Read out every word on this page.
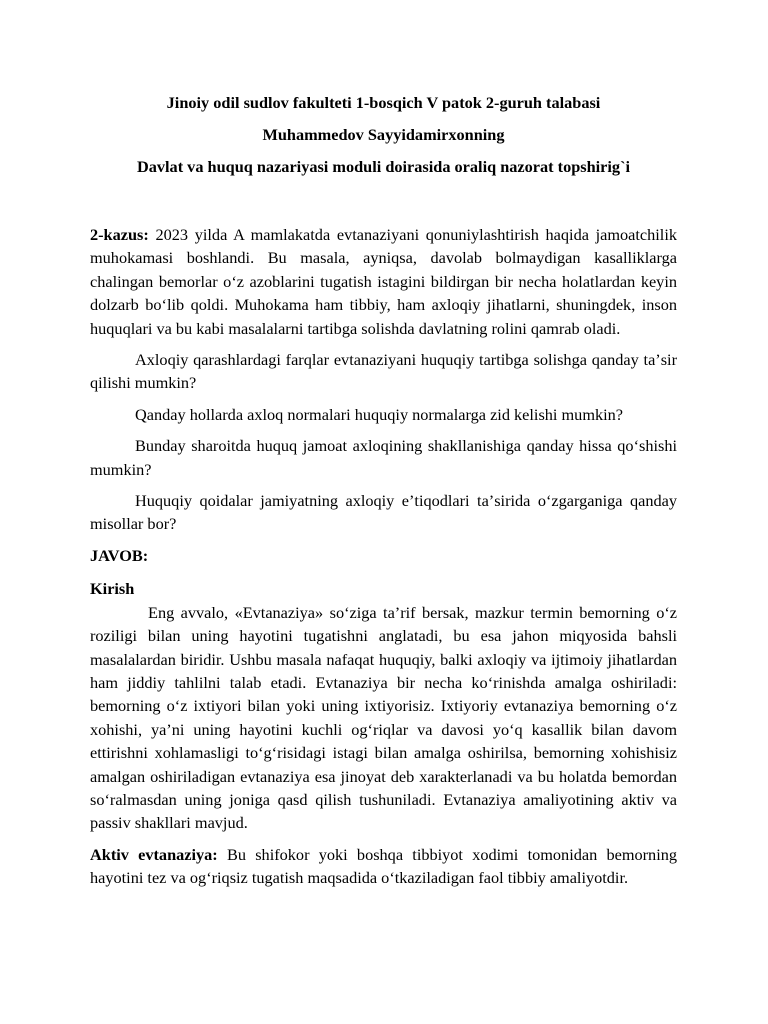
Jinoiy odil sudlov fakulteti 1-bosqich V patok 2-guruh talabasi
Muhammedov Sayyidamirxonning
Davlat va huquq nazariyasi moduli doirasida oraliq nazorat topshirig`i

2-kazus: 2023 yilda A mamlakatda evtanaziyani qonuniylashtirish haqida jamoatchilik muhokamasi boshlandi. Bu masala, ayniqsa, davolab bolmaydigan kasalliklarga chalingan bemorlar oʻz azoblarini tugatish istagini bildirgan bir necha holatlardan keyin dolzarb boʻlib qoldi. Muhokama ham tibbiy, ham axloqiy jihatlarni, shuningdek, inson huquqlari va bu kabi masalalarni tartibga solishda davlatning rolini qamrab oladi.

Axloqiy qarashlardagi farqlar evtanaziyani huquqiy tartibga solishga qanday taʼsir qilishi mumkin?

Qanday hollarda axloq normalari huquqiy normalarga zid kelishi mumkin?

Bunday sharoitda huquq jamoat axloqining shakllanishiga qanday hissa qoʻshishi mumkin?

Huquqiy qoidalar jamiyatning axloqiy eʼtiqodlari taʼsirida oʻzgarganiga qanday misollar bor?

JAVOB:
Kirish

Eng avvalo, «Evtanaziya» soʻziga taʼrif bersak, mazkur termin bemorning oʻz roziligi bilan uning hayotini tugatishni anglatadi, bu esa jahon miqyosida bahsli masalalardan biridir. Ushbu masala nafaqat huquqiy, balki axloqiy va ijtimoiy jihatlardan ham jiddiy tahlilni talab etadi. Evtanaziya bir necha koʻrinishda amalga oshiriladi: bemorning oʻz ixtiyori bilan yoki uning ixtiyorisiz. Ixtiyoriy evtanaziya bemorning oʻz xohishi, yaʼni uning hayotini kuchli ogʻriqlar va davosi yoʻq kasallik bilan davom ettirishni xohlamasligi toʻgʻrisidagi istagi bilan amalga oshirilsa, bemorning xohishisiz amalgan oshiriladigan evtanaziya esa jinoyat deb xarakterlanadi va bu holatda bemordan soʻralmasdan uning joniga qasd qilish tushuniladi. Evtanaziya amaliyotining aktiv va passiv shakllari mavjud.

Aktiv evtanaziya: Bu shifokor yoki boshqa tibbiyot xodimi tomonidan bemorning hayotini tez va ogʻriqsiz tugatish maqsadida oʻtkaziladigan faol tibbiy amaliyotdir.
